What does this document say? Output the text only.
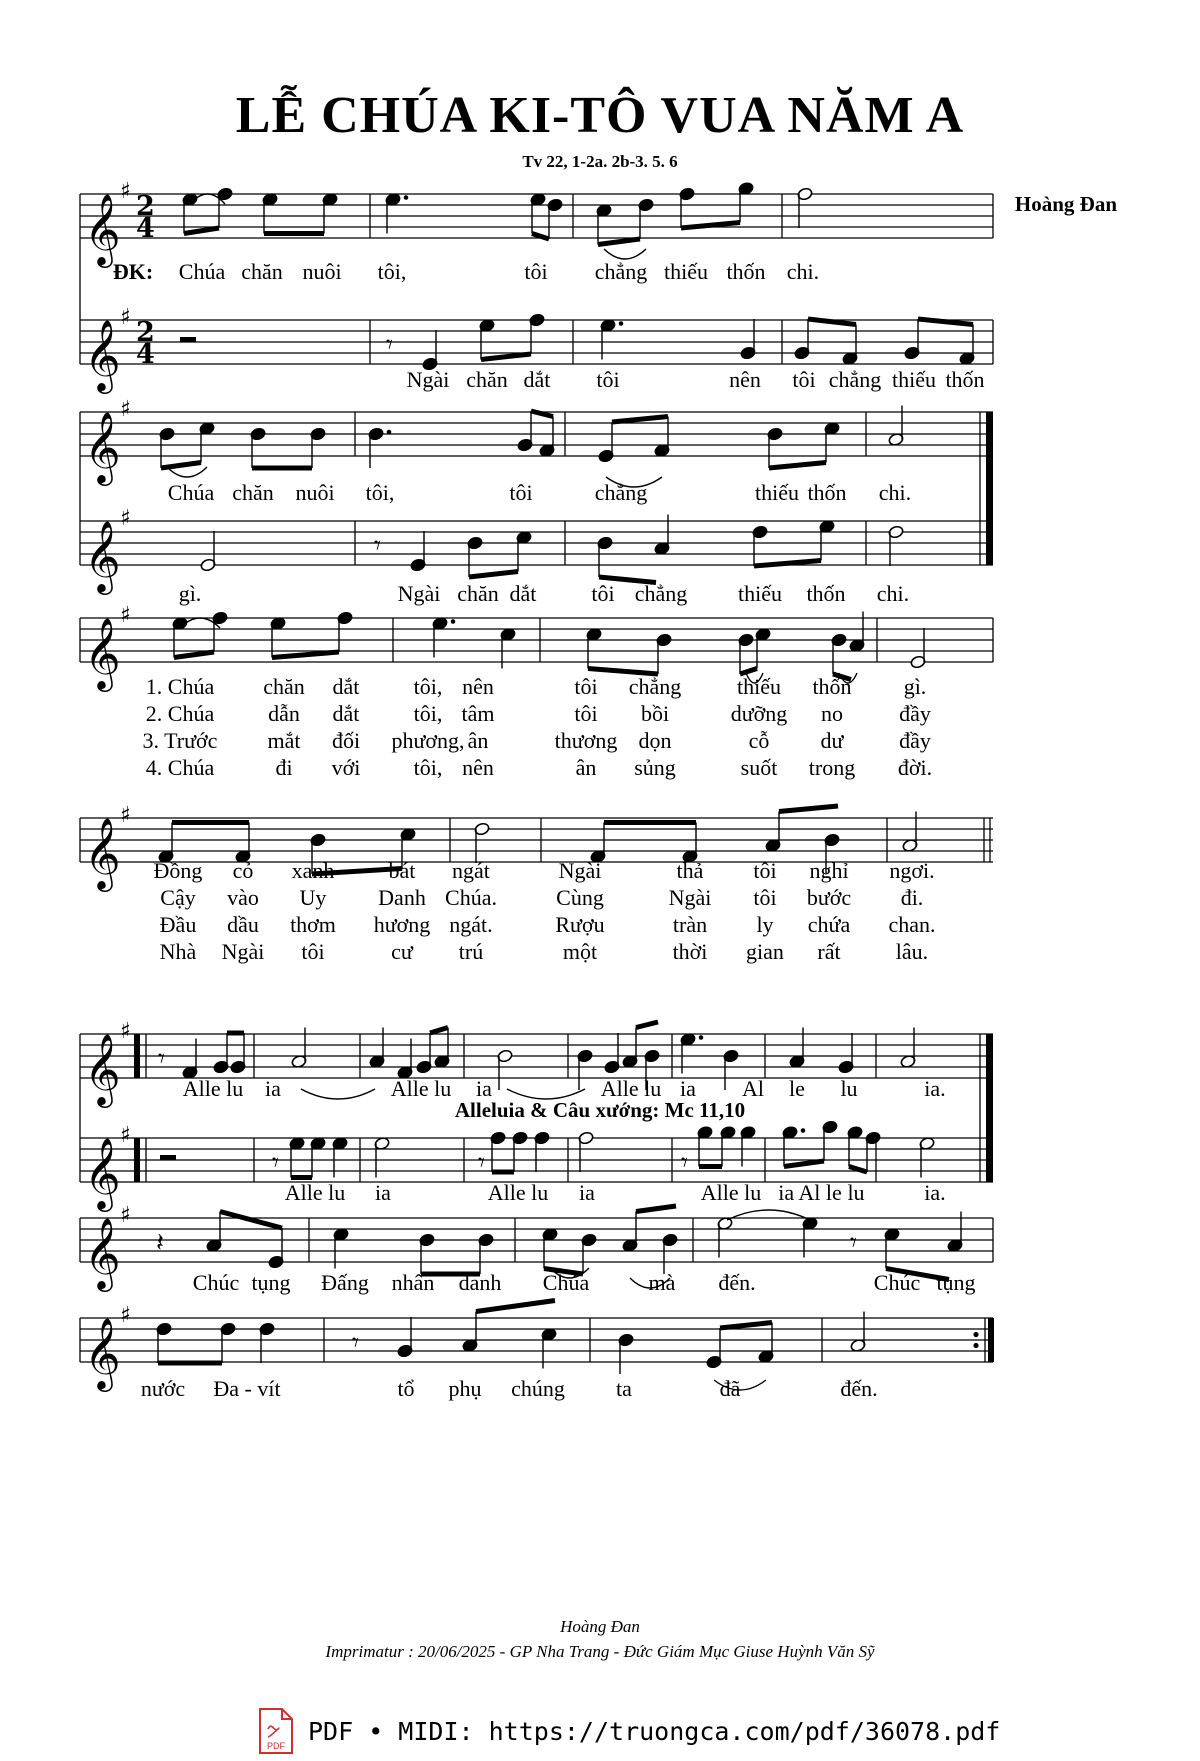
LỄ CHÚA KI-TÔ VUA NĂM A
Tv 22, 1-2a. 2b-3. 5. 6
Hoàng Đan
𝄞
♯ 2
4
𝄞
♯ 2
4
ĐK: Chúa chăn nuôi tôi,	tôi chẳng thiếu thốn chi.
𝄾
Ngài chăn dắt tôi	nên tôi chẳng thiếu thốn
𝄞
♯
𝄞
♯
Chúa chăn nuôi tôi,	tôi	chẳng	thiếu thốn chi.
𝄾
gì.	Ngài chăn dắt tôi chẳng thiếu thốn chi.
𝄞
♯
1. Chúa chăn dắt tôi, nên	tôi chẳng	thiếu thốn gì.
2. Chúa dẫn dắt tôi, tâm	tôi bồi	dưỡng no	đầy
3. Trước mắt đối phương, ân	thương dọn	cỗ dư	đầy
4. Chúa	đi với tôi, nên	ân sủng	suốt trong đời.
𝄞
♯
Đồng cỏ xanh bát ngát	Ngài	thả tôi nghỉ ngơi.
Cậy vào Uy Danh Chúa.	Cùng	Ngài tôi bước đi.
Đầu dầu thơm hương ngát.	Rượu	tràn ly chứa chan.
Nhà Ngài tôi	cư trú	một	thời gian rất	lâu.
𝄞
♯
𝄞
♯
𝄾
Alle lu ia	Alle lu ia	Alle lu ia Al le lu	ia.
𝄾	𝄾	𝄾
Alle lu ia	Alle lu ia	Alle lu ia Al le lu	ia.
𝄞
♯
𝄽	𝄾
Chúc tụng Đấng nhân danh Chúa	mà đến.	Chúc tụng
𝄞
♯
𝄾
nước Đa - vít	tổ phụ chúng ta	đã	đến.
Alleluia & Câu xướng: Mc 11,10
Hoàng Đan
Imprimatur : 20/06/2025 - GP Nha Trang - Đức Giám Mục Giuse Huỳnh Văn Sỹ
PDF
PDF • MIDI: https://truongca.com/pdf/36078.pdf
